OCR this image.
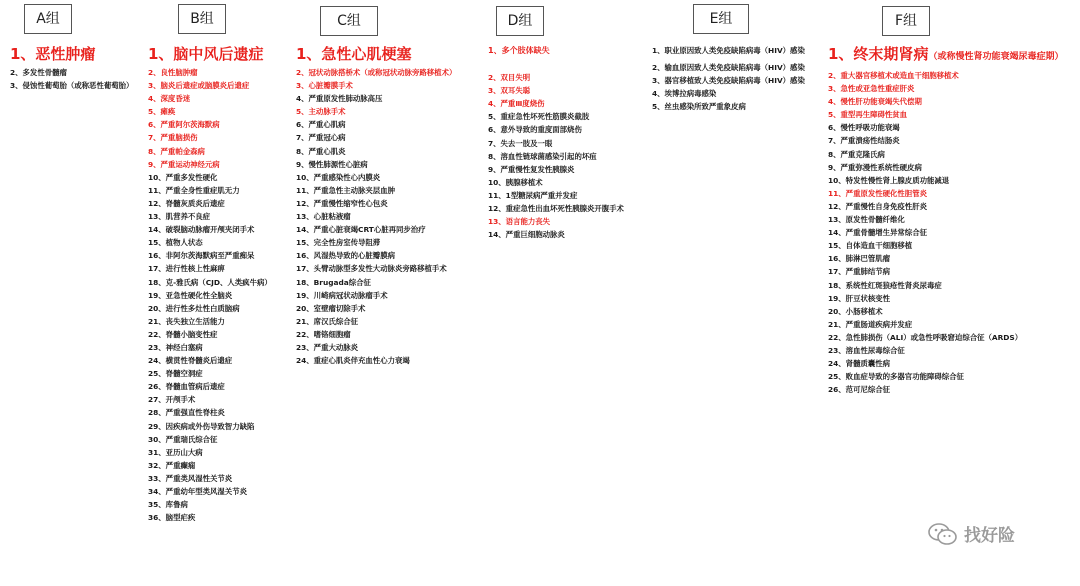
A组	B组	C组	D组	E组	F组
1、恶性肿瘤
2、多发性骨髓瘤
3、侵蚀性葡萄胎（或称恶性葡萄胎）
1、脑中风后遗症
2、良性脑肿瘤
3、脑炎后遗症或脑膜炎后遗症
4、深度昏迷
5、瘫痪
6、严重阿尔茨海默病
7、严重脑损伤
8、严重帕金森病
9、严重运动神经元病
10、严重多发性硬化
11、严重全身性重症肌无力
12、脊髓灰质炎后遗症
13、肌营养不良症
14、破裂脑动脉瘤开颅夹闭手术
15、植物人状态
16、非阿尔茨海默病至严重痴呆
17、进行性核上性麻痹
18、克-雅氏病（CJD、人类疯牛病）
19、亚急性硬化性全脑炎
20、进行性多灶性白质脑病
21、丧失独立生活能力
22、脊髓小脑变性症
23、神经白塞病
24、横贯性脊髓炎后遗症
25、脊髓空洞症
26、脊髓血管病后遗症
27、开颅手术
28、严重强直性脊柱炎
29、因疾病或外伤导致智力缺陷
30、严重瑞氏综合征
31、亚历山大病
32、严重癫痫
33、严重类风湿性关节炎
34、严重幼年型类风湿关节炎
35、库鲁病
36、脑型疟疾
1、急性心肌梗塞
2、冠状动脉搭桥术（或称冠状动脉旁路移植术）
3、心脏瓣膜手术
4、严重原发性肺动脉高压
5、主动脉手术
6、严重心肌病
7、严重冠心病
8、严重心肌炎
9、慢性肺源性心脏病
10、严重感染性心内膜炎
11、严重急性主动脉夹层血肿
12、严重慢性缩窄性心包炎
13、心脏粘液瘤
14、严重心脏衰竭CRT心脏再同步治疗
15、完全性房室传导阻滞
16、风湿热导致的心脏瓣膜病
17、头臂动脉型多发性大动脉炎旁路移植手术
18、Brugada综合征
19、川崎病冠状动脉瘤手术
20、室壁瘤切除手术
21、席汉氏综合征
22、嗜铬细胞瘤
23、严重大动脉炎
24、重症心肌炎伴充血性心力衰竭
1、多个肢体缺失
2、双目失明
3、双耳失聪
4、严重Ⅲ度烧伤
5、重症急性坏死性筋膜炎截肢
6、意外导致的重度面部烧伤
7、失去一肢及一眼
8、溶血性链球菌感染引起的坏疽
9、严重慢性复发性胰腺炎
10、胰腺移植术
11、1型糖尿病严重并发症
12、重症急性出血坏死性胰腺炎开腹手术
13、语言能力丧失
14、严重巨细胞动脉炎
1、职业原因致人类免疫缺陷病毒（HIV）感染
2、输血原因致人类免疫缺陷病毒（HIV）感染
3、器官移植致人类免疫缺陷病毒（HIV）感染
4、埃博拉病毒感染
5、丝虫感染所致严重象皮病
1、终末期肾病（或称慢性肾功能衰竭尿毒症期）
2、重大器官移植术或造血干细胞移植术
3、急性或亚急性重症肝炎
4、慢性肝功能衰竭失代偿期
5、重型再生障碍性贫血
6、慢性呼吸功能衰竭
7、严重溃疡性结肠炎
8、严重克隆氏病
9、严重弥漫性系统性硬皮病
10、特发性慢性肾上腺皮质功能减退
11、严重原发性硬化性胆管炎
12、严重慢性自身免疫性肝炎
13、原发性骨髓纤维化
14、严重骨髓增生异常综合征
15、自体造血干细胞移植
16、肺淋巴管肌瘤
17、严重肺结节病
18、系统性红斑狼疮性肾炎尿毒症
19、肝豆状核变性
20、小肠移植术
21、严重肠道疾病并发症
22、急性肺损伤（ALI）或急性呼吸窘迫综合征（ARDS）
23、溶血性尿毒综合征
24、肾髓质囊性病
25、败血症导致的多器官功能障碍综合征
26、范可尼综合征
找好险
